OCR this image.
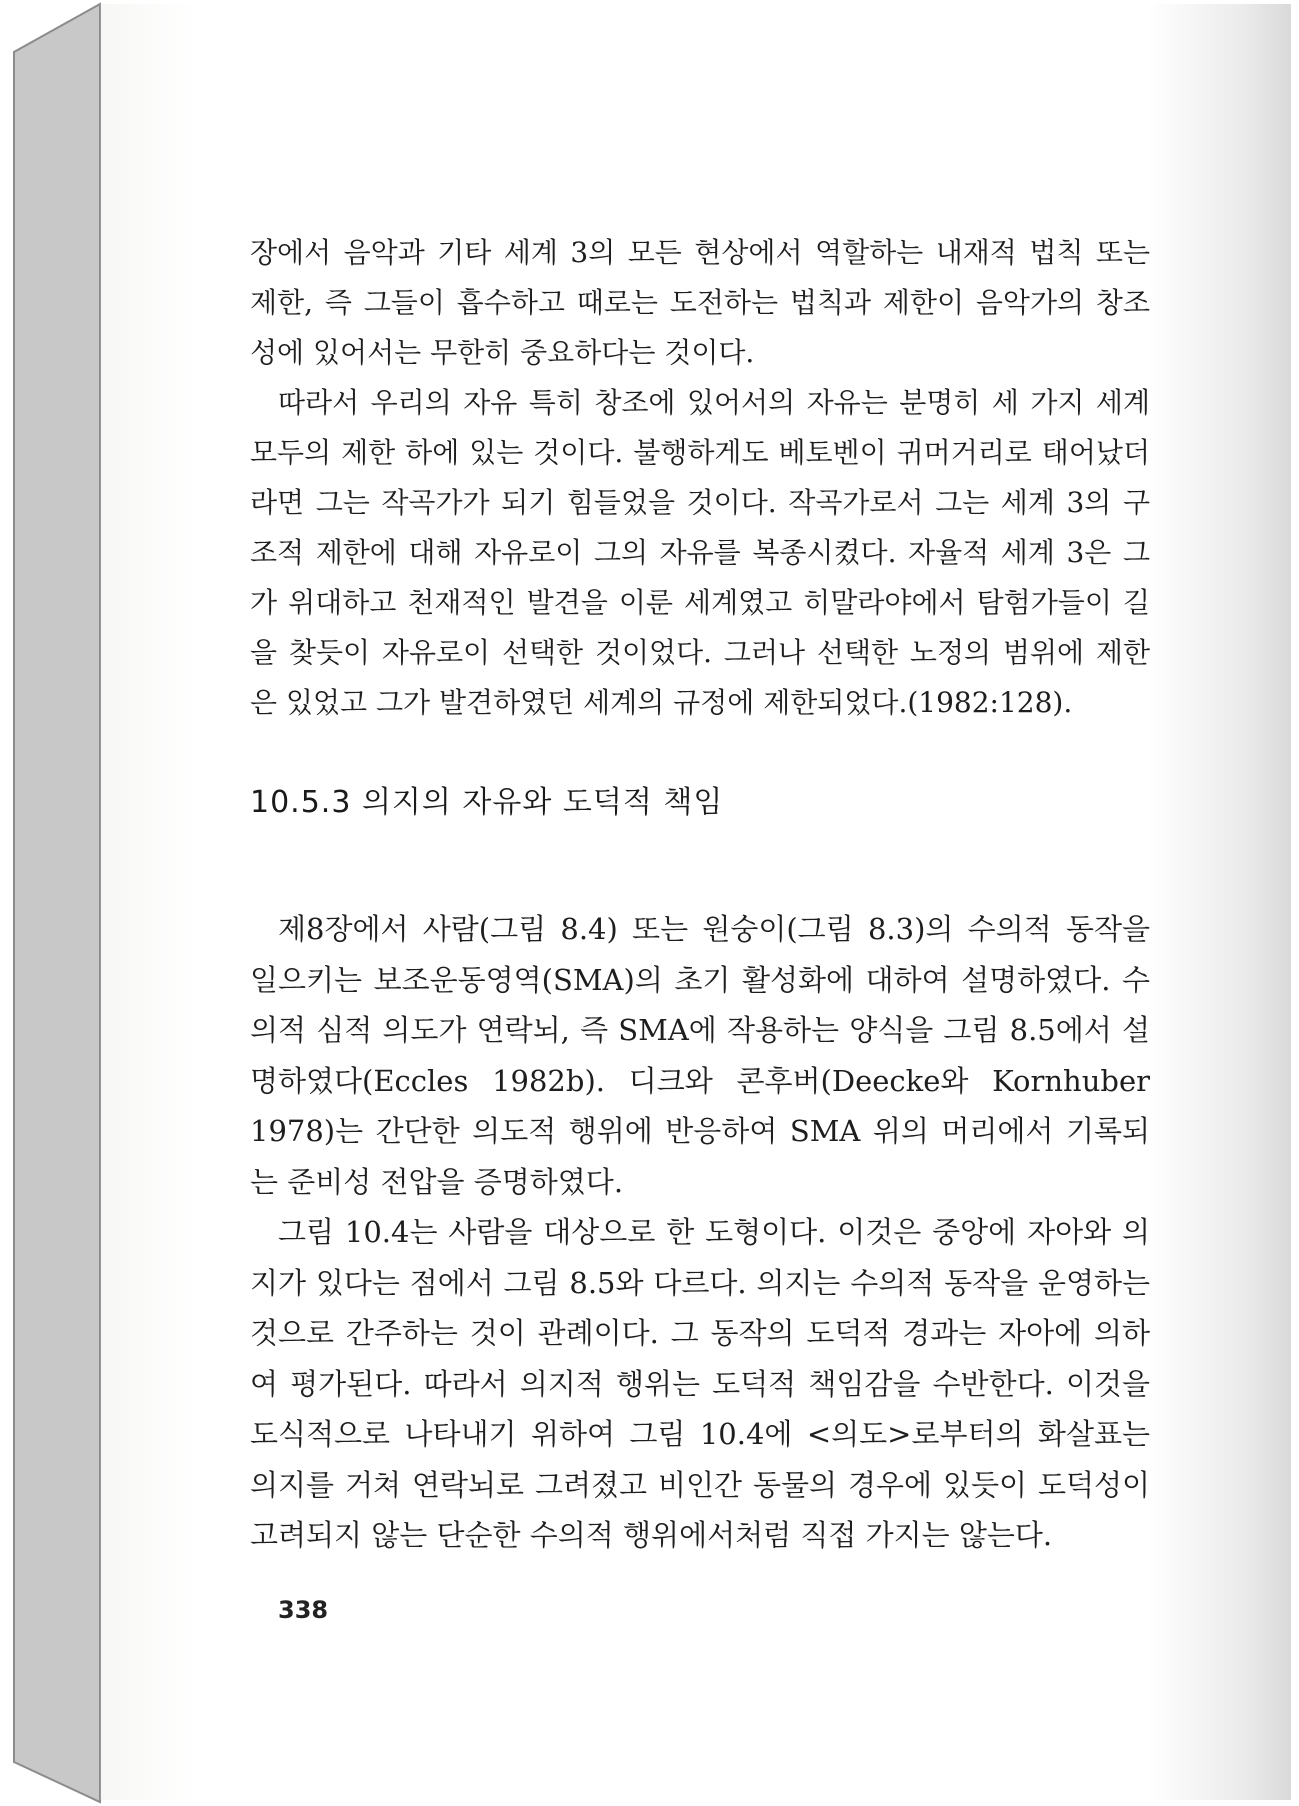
장에서 음악과 기타 세계 3의 모든 현상에서 역할하는 내재적 법칙 또는 제한, 즉 그들이 흡수하고 때로는 도전하는 법칙과 제한이 음악가의 창조성에 있어서는 무한히 중요하다는 것이다.

따라서 우리의 자유 특히 창조에 있어서의 자유는 분명히 세 가지 세계 모두의 제한 하에 있는 것이다. 불행하게도 베토벤이 귀머거리로 태어났더라면 그는 작곡가가 되기 힘들었을 것이다. 작곡가로서 그는 세계 3의 구조적 제한에 대해 자유로이 그의 자유를 복종시켰다. 자율적 세계 3은 그가 위대하고 천재적인 발견을 이룬 세계였고 히말라야에서 탐험가들이 길을 찾듯이 자유로이 선택한 것이었다. 그러나 선택한 노정의 범위에 제한은 있었고 그가 발견하였던 세계의 규정에 제한되었다.(1982:128).

10.5.3 의지의 자유와 도덕적 책임

제8장에서 사람(그림 8.4) 또는 원숭이(그림 8.3)의 수의적 동작을 일으키는 보조운동영역(SMA)의 초기 활성화에 대하여 설명하였다. 수의적 심적 의도가 연락뇌, 즉 SMA에 작용하는 양식을 그림 8.5에서 설명하였다(Eccles 1982b). 디크와 콘후버(Deecke와 Kornhuber 1978)는 간단한 의도적 행위에 반응하여 SMA 위의 머리에서 기록되는 준비성 전압을 증명하였다.

그림 10.4는 사람을 대상으로 한 도형이다. 이것은 중앙에 자아와 의지가 있다는 점에서 그림 8.5와 다르다. 의지는 수의적 동작을 운영하는 것으로 간주하는 것이 관례이다. 그 동작의 도덕적 경과는 자아에 의하여 평가된다. 따라서 의지적 행위는 도덕적 책임감을 수반한다. 이것을 도식적으로 나타내기 위하여 그림 10.4에 <의도>로부터의 화살표는 의지를 거쳐 연락뇌로 그려졌고 비인간 동물의 경우에 있듯이 도덕성이 고려되지 않는 단순한 수의적 행위에서처럼 직접 가지는 않는다.

338
